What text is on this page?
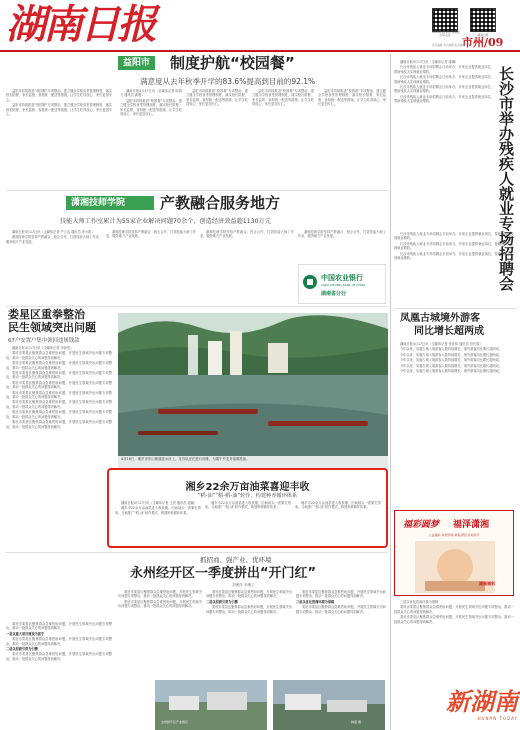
湖南日报	扫码关注	湖南日报
2024年4月18日 星期四
市州/09
责任编辑 版式编辑 美术编辑
益阳市	制度护航“校园餐”
满意度从去年秋季开学的83.6%提高到目前的92.1%

湖南日报4月17日讯（全媒体记者 陈鸿飞 通讯员 龚雅）

益阳市持续推进“校园餐”专项整治，建立健全学校食堂管理制度，落实校长陪餐、家长监督、食材统一配送等措施，让学生吃得放心、家长更加安心。

益阳市持续推进“校园餐”专项整治，建立健全学校食堂管理制度，落实校长陪餐、家长监督、食材统一配送等措施，让学生吃得放心、家长更加安心。

益阳市持续推进“校园餐”专项整治，建立健全学校食堂管理制度，落实校长陪餐、家长监督、食材统一配送等措施，让学生吃得放心、家长更加安心。

益阳市持续推进“校园餐”专项整治，建立健全学校食堂管理制度，落实校长陪餐、家长监督、食材统一配送等措施，让学生吃得放心、家长更加安心。

益阳市持续推进“校园餐”专项整治，建立健全学校食堂管理制度，落实校长陪餐、家长监督、食材统一配送等措施，让学生吃得放心、家长更加安心。

益阳市持续推进“校园餐”专项整治，建立健全学校食堂管理制度，落实校长陪餐、家长监督、食材统一配送等措施，让学生吃得放心、家长更加安心。

潇湘技师学院	产教融合服务地方
技能大师工作室累计为55家企业解决问题70余个，创造经济效益超1130万元

湖南日报4月17日讯（全媒体记者 严万达 通讯员 李小燕）

潇湘技师学院坚持产教融合、校企合作，打造技能大师工作室，服务地方产业发展。

潇湘技师学院坚持产教融合、校企合作，打造技能大师工作室，服务地方产业发展。

潇湘技师学院坚持产教融合、校企合作，打造技能大师工作室，服务地方产业发展。

潇湘技师学院坚持产教融合、校企合作，打造技能大师工作室，服务地方产业发展。

中国农业银行
AGRICULTURAL BANK OF CHINA
湖南省分行
娄星区重拳整治
民生领域突出问题
67户安置户集中领回违规钱款

湖南日报4月17日讯（全媒体记者 李沛然）

娄底市娄星区聚焦群众急难愁盼问题，开展民生领域突出问题专项整治，推动一批群众关心的问题得到解决。

娄底市娄星区聚焦群众急难愁盼问题，开展民生领域突出问题专项整治，推动一批群众关心的问题得到解决。

娄底市娄星区聚焦群众急难愁盼问题，开展民生领域突出问题专项整治，推动一批群众关心的问题得到解决。

娄底市娄星区聚焦群众急难愁盼问题，开展民生领域突出问题专项整治，推动一批群众关心的问题得到解决。

娄底市娄星区聚焦群众急难愁盼问题，开展民生领域突出问题专项整治，推动一批群众关心的问题得到解决。

娄底市娄星区聚焦群众急难愁盼问题，开展民生领域突出问题专项整治，推动一批群众关心的问题得到解决。

娄底市娄星区聚焦群众急难愁盼问题，开展民生领域突出问题专项整治，推动一批群众关心的问题得到解决。

娄底市娄星区聚焦群众急难愁盼问题，开展民生领域突出问题专项整治，推动一批群众关心的问题得到解决。

4月16日，湘乡市东山街道涟水河上，龙舟队正在进行训练，为端午节龙舟赛做准备。

娄底市娄星区聚焦群众急难愁盼问题，开展民生领域突出问题专项整治，推动一批群众关心的问题得到解决。

一是以重大项目建设为抓手

娄底市娄星区聚焦群众急难愁盼问题，开展民生领域突出问题专项整治，推动一批群众关心的问题得到解决。

二是以招商引资为引擎

娄底市娄星区聚焦群众急难愁盼问题，开展民生领域突出问题专项整治，推动一批群众关心的问题得到解决。

湘乡22余万亩油菜喜迎丰收
“稻-油”“稻-稻-油”轮作，构建种养循环体系

湖南日报4月17日讯（全媒体记者 王亮 通讯员 曾赢）

湘乡市22余万亩油菜进入收获期，田间地头一派繁忙景象。当地推广“稻-油”轮作模式，构建种养循环体系。

湘乡市22余万亩油菜进入收获期，田间地头一派繁忙景象。当地推广“稻-油”轮作模式，构建种养循环体系。

湘乡市22余万亩油菜进入收获期，田间地头一派繁忙景象。当地推广“稻-油”轮作模式，构建种养循环体系。

抓招商、强产业、优环境
永州经开区一季度拼出“开门红”
刘俊萍 李湘宁

娄底市娄星区聚焦群众急难愁盼问题，开展民生领域突出问题专项整治，推动一批群众关心的问题得到解决。

娄底市娄星区聚焦群众急难愁盼问题，开展民生领域突出问题专项整治，推动一批群众关心的问题得到解决。

娄底市娄星区聚焦群众急难愁盼问题，开展民生领域突出问题专项整治，推动一批群众关心的问题得到解决。

二是以招商引资为引擎

娄底市娄星区聚焦群众急难愁盼问题，开展民生领域突出问题专项整治，推动一批群众关心的问题得到解决。

娄底市娄星区聚焦群众急难愁盼问题，开展民生领域突出问题专项整治，推动一批群众关心的问题得到解决。

三是以优化营商环境为保障

娄底市娄星区聚焦群众急难愁盼问题，开展民生领域突出问题专项整治，推动一批群众关心的问题得到解决。

永州经开区产业园区	韩嘉 摄

湖南日报4月17日讯（全媒体记者 虞琳）

长沙市残疾人就业专场招聘会日前举办，多家企业提供就业岗位，帮助残疾人实现就业增收。

长沙市残疾人就业专场招聘会日前举办，多家企业提供就业岗位，帮助残疾人实现就业增收。

长沙市残疾人就业专场招聘会日前举办，多家企业提供就业岗位，帮助残疾人实现就业增收。

长沙市残疾人就业专场招聘会日前举办，多家企业提供就业岗位，帮助残疾人实现就业增收。	长沙市举办残疾人就业专场招聘会

长沙市残疾人就业专场招聘会日前举办，多家企业提供就业岗位，帮助残疾人实现就业增收。

长沙市残疾人就业专场招聘会日前举办，多家企业提供就业岗位，帮助残疾人实现就业增收。

长沙市残疾人就业专场招聘会日前举办，多家企业提供就业岗位，帮助残疾人实现就业增收。

凤凰古城境外游客
同比增长超两成

湖南日报4月17日讯（全媒体记者 张佳伟 通讯员 田长春）

今年以来，凤凰古城入境游客人数持续增长，境外游客同比增长超两成。

今年以来，凤凰古城入境游客人数持续增长，境外游客同比增长超两成。

今年以来，凤凰古城入境游客人数持续增长，境外游客同比增长超两成。

今年以来，凤凰古城入境游客人数持续增长，境外游客同比增长超两成。

今年以来，凤凰古城入境游客人数持续增长，境外游客同比增长超两成。

福彩圆梦 福泽潇湘
公益福彩 扶老助残 救孤济困 扶贫助学
湖南福彩

三是以优化营商环境为保障

娄底市娄星区聚焦群众急难愁盼问题，开展民生领域突出问题专项整治，推动一批群众关心的问题得到解决。

娄底市娄星区聚焦群众急难愁盼问题，开展民生领域突出问题专项整治，推动一批群众关心的问题得到解决。

新湖南
HUNAN TODAY
